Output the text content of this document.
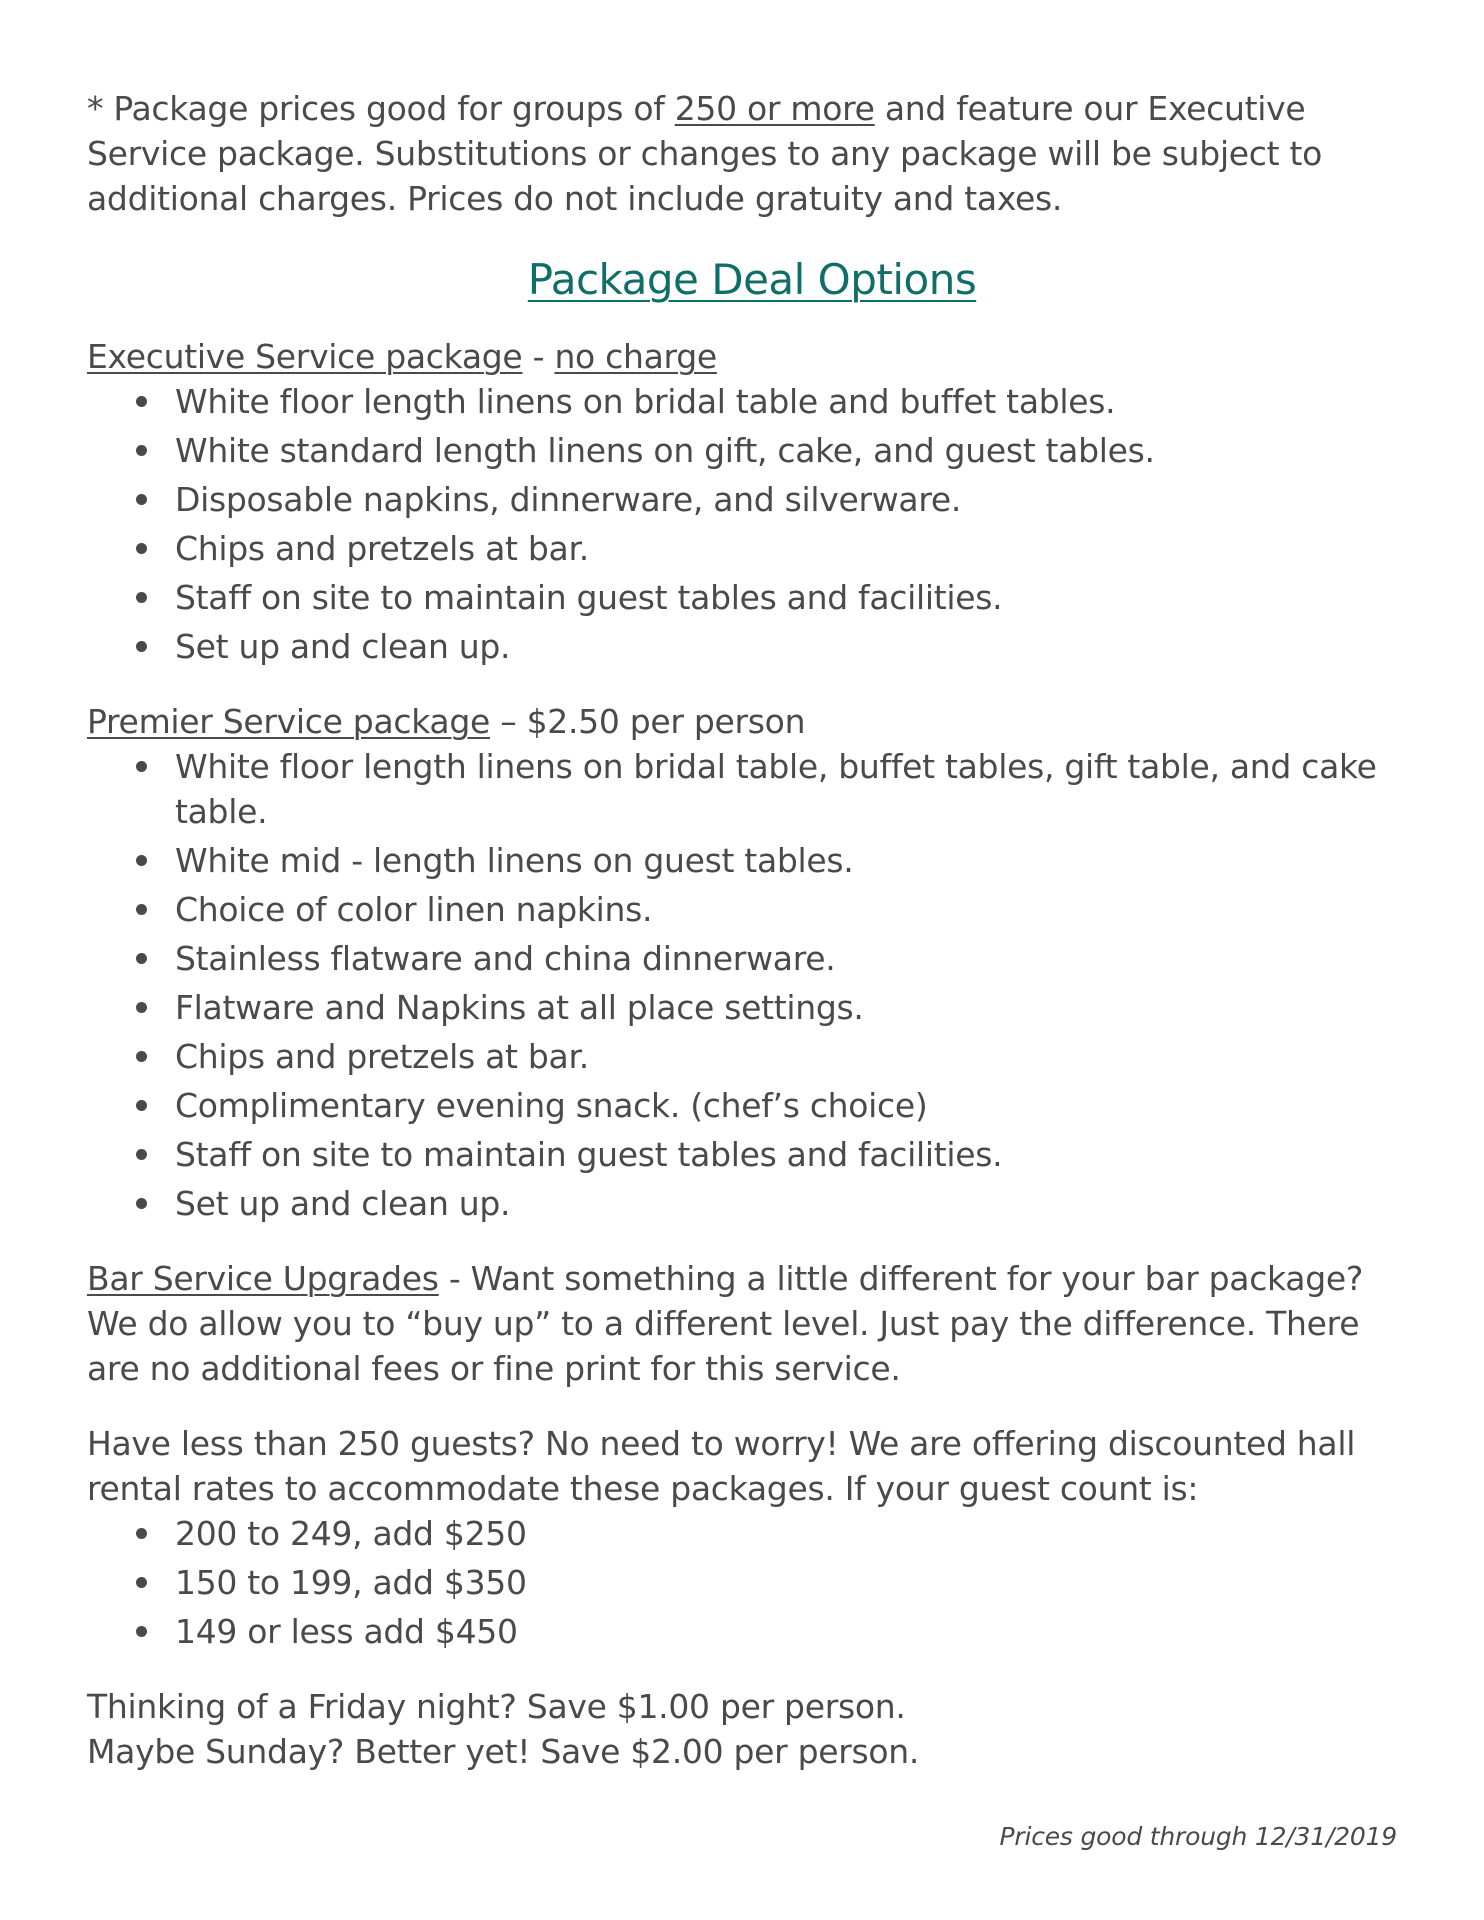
* Package prices good for groups of 250 or more and feature our Executive Service package. Substitutions or changes to any package will be subject to additional charges. Prices do not include gratuity and taxes.

Package Deal Options

Executive Service package - no charge

White floor length linens on bridal table and buffet tables.
White standard length linens on gift, cake, and guest tables.
Disposable napkins, dinnerware, and silverware.
Chips and pretzels at bar.
Staff on site to maintain guest tables and facilities.
Set up and clean up.

Premier Service package – $2.50 per person

White floor length linens on bridal table, buffet tables, gift table, and cake table.
White mid - length linens on guest tables.
Choice of color linen napkins.
Stainless flatware and china dinnerware.
Flatware and Napkins at all place settings.
Chips and pretzels at bar.
Complimentary evening snack. (chef’s choice)
Staff on site to maintain guest tables and facilities.
Set up and clean up.

Bar Service Upgrades - Want something a little different for your bar package? We do allow you to “buy up” to a different level. Just pay the difference. There are no additional fees or fine print for this service.

Have less than 250 guests? No need to worry! We are offering discounted hall rental rates to accommodate these packages. If your guest count is:

200 to 249, add $250
150 to 199, add $350
149 or less add $450

Thinking of a Friday night? Save $1.00 per person.

Maybe Sunday? Better yet! Save $2.00 per person.

Prices good through 12/31/2019
